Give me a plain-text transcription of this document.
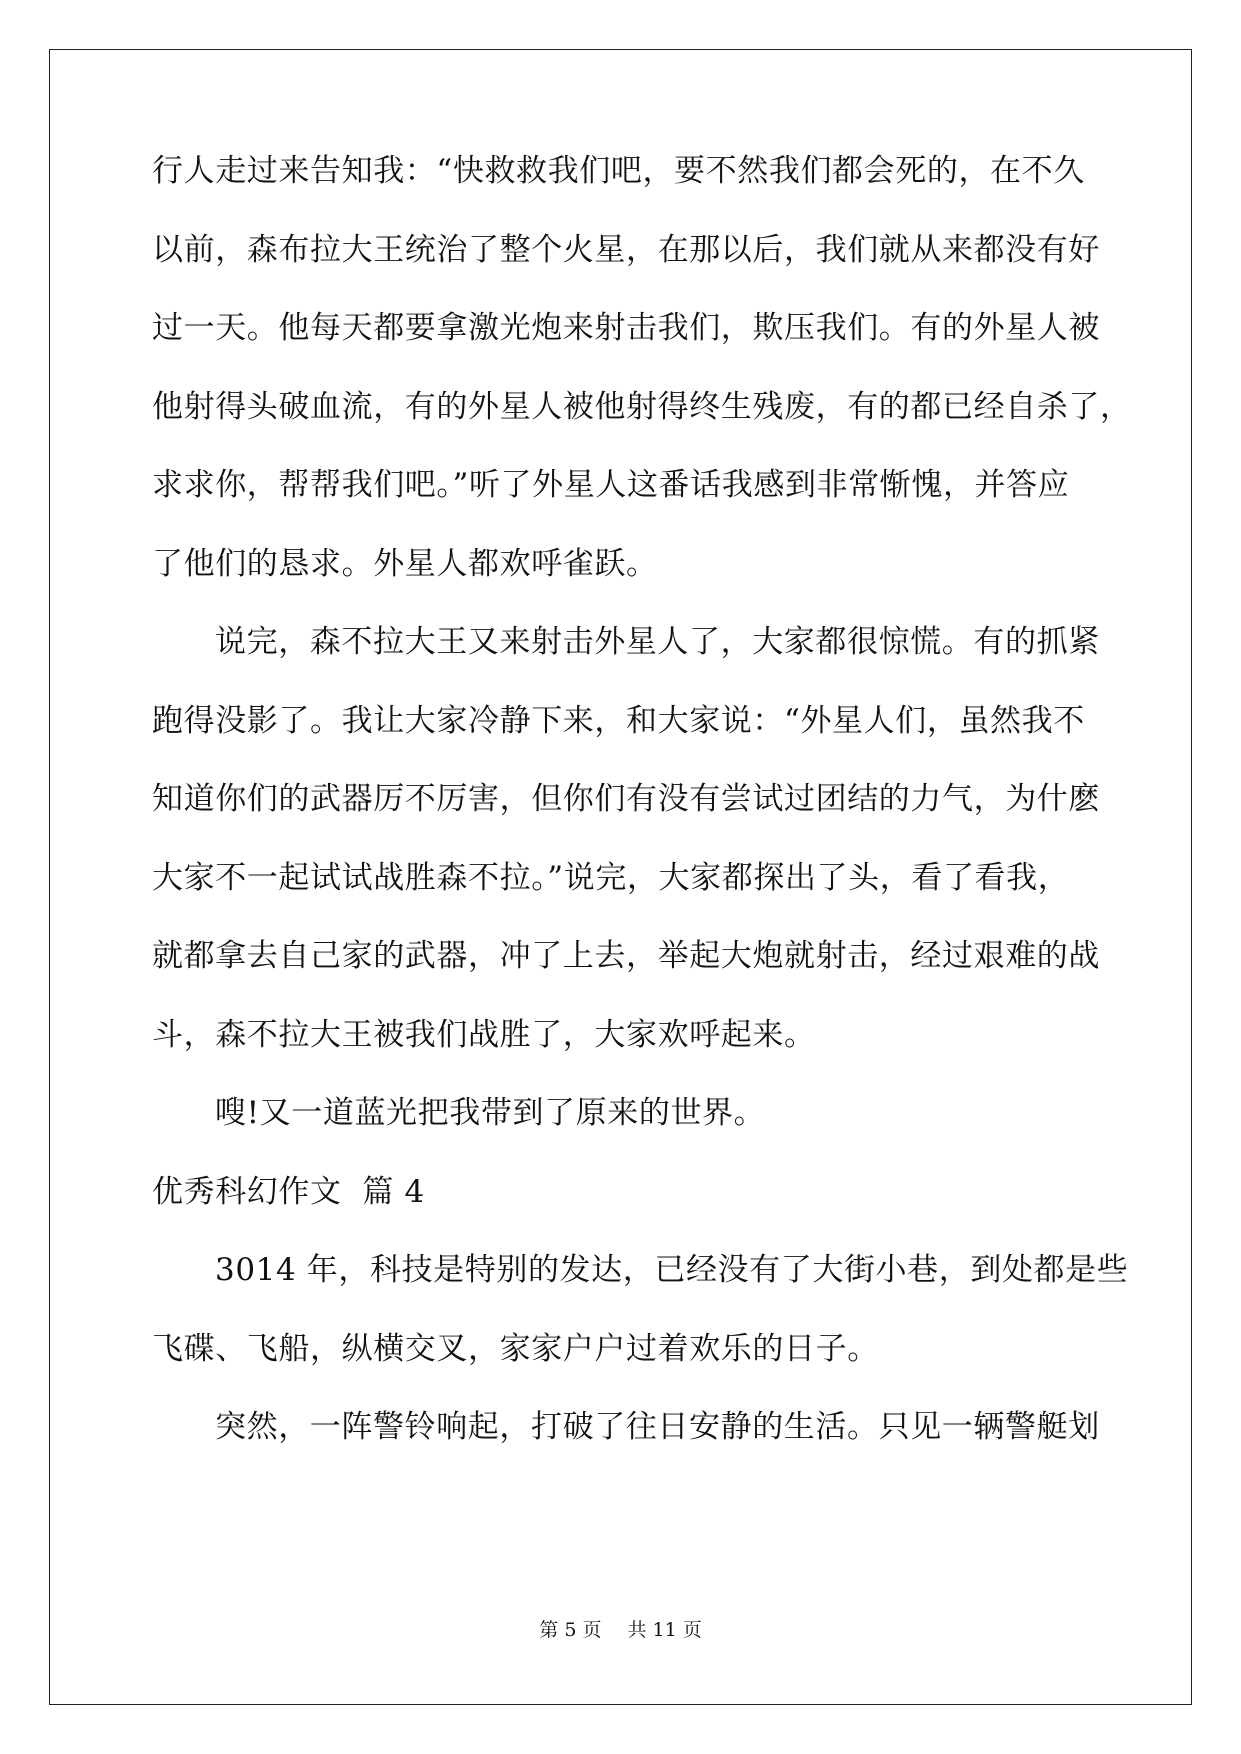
行人走过来告知我：“快救救我们吧，要不然我们都会死的，在不久
以前，森布拉大王统治了整个火星，在那以后，我们就从来都没有好
过一天。他每天都要拿激光炮来射击我们，欺压我们。有的外星人被
他射得头破血流，有的外星人被他射得终生残废，有的都已经自杀了，
求求你，帮帮我们吧。”听了外星人这番话我感到非常惭愧，并答应
了他们的恳求。外星人都欢呼雀跃。
说完，森不拉大王又来射击外星人了，大家都很惊慌。有的抓紧
跑得没影了。我让大家冷静下来，和大家说：“外星人们，虽然我不
知道你们的武器厉不厉害，但你们有没有尝试过团结的力气，为什麽
大家不一起试试战胜森不拉。”说完，大家都探出了头，看了看我，
就都拿去自己家的武器，冲了上去，举起大炮就射击，经过艰难的战
斗，森不拉大王被我们战胜了，大家欢呼起来。
嗖!又一道蓝光把我带到了原来的世界。
优秀科幻作文  篇 4
3014 年，科技是特别的发达，已经没有了大街小巷，到处都是些
飞碟、飞船，纵横交叉，家家户户过着欢乐的日子。
突然，一阵警铃响起，打破了往日安静的生活。只见一辆警艇划
第 5 页 共 11 页
